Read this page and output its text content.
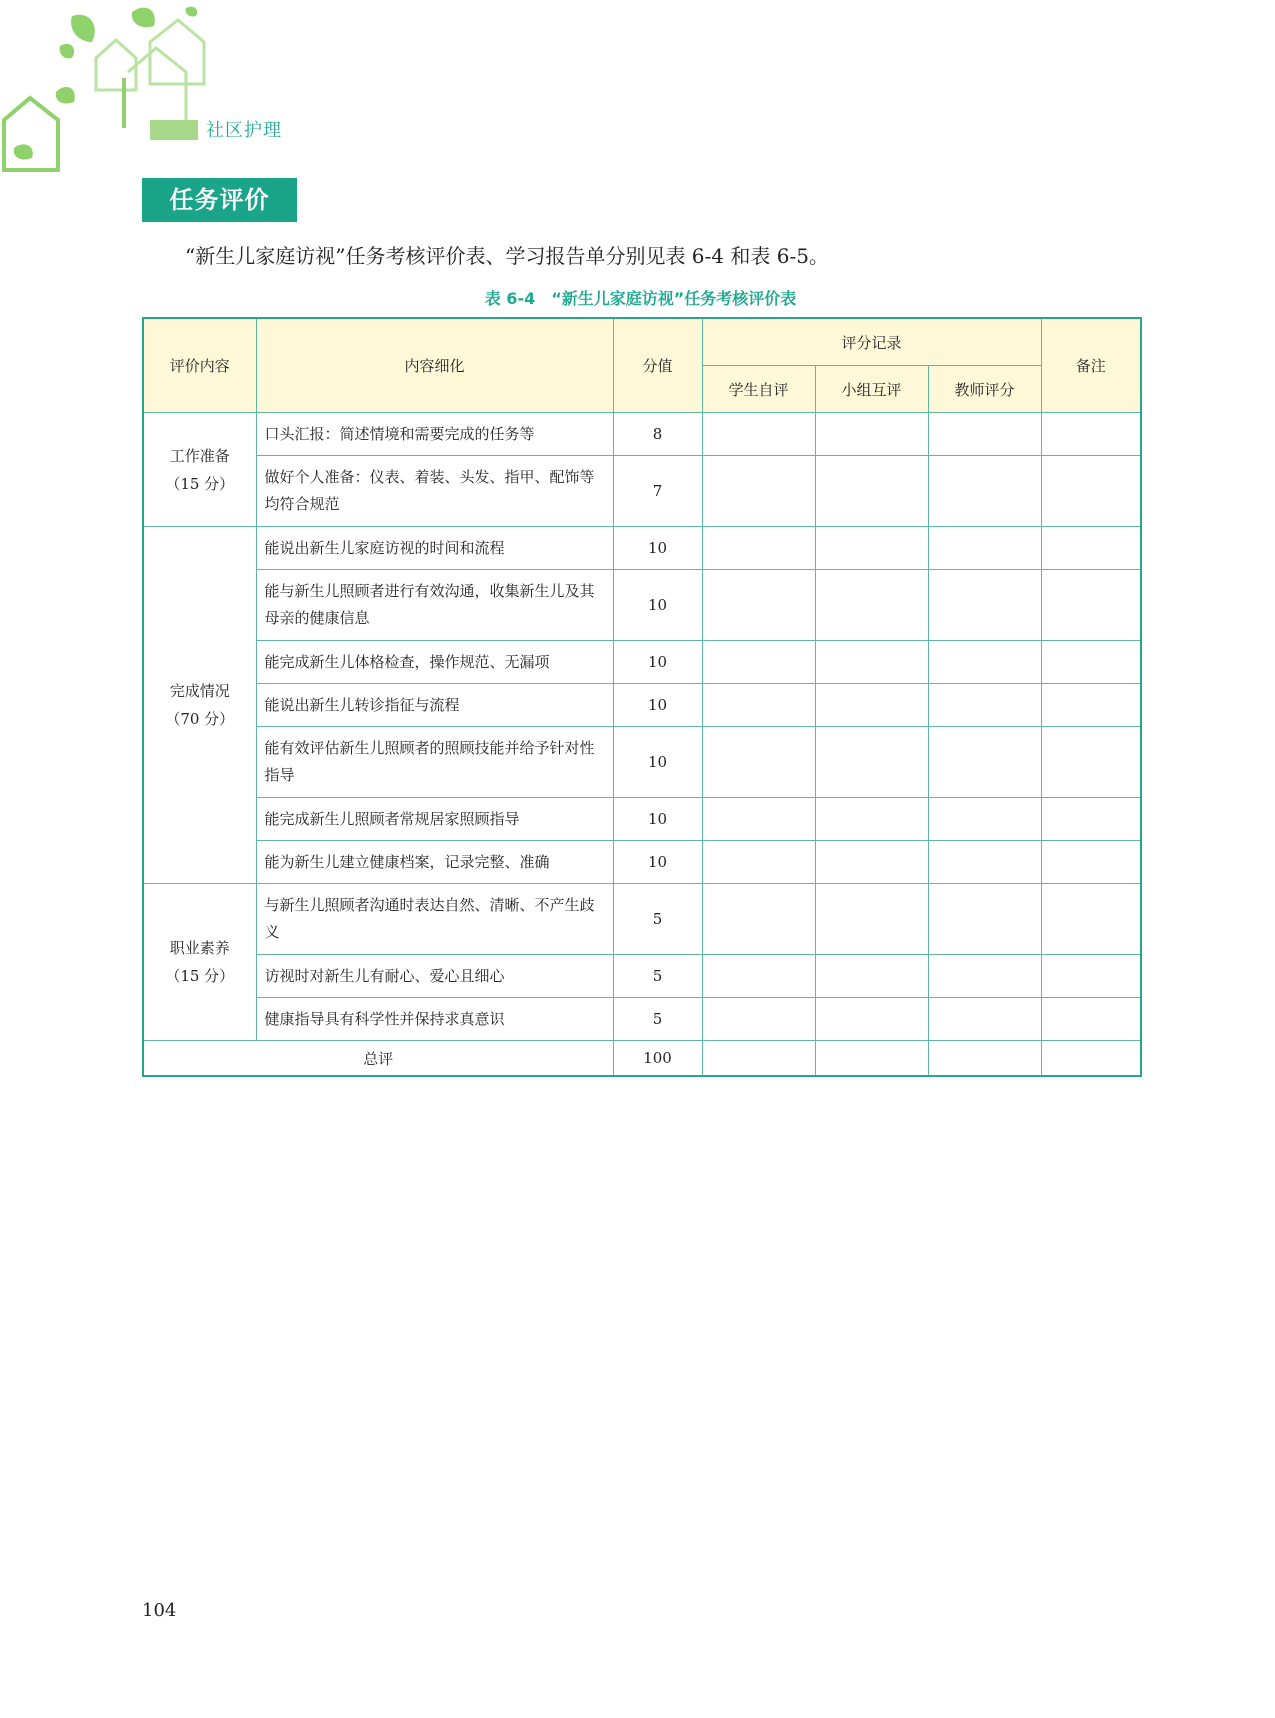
社区护理
任务评价
“新生儿家庭访视”任务考核评价表、学习报告单分别见表 6-4 和表 6-5。
表 6-4　“新生儿家庭访视”任务考核评价表
评价内容	内容细化	分值	评分记录			备注
			学生自评	小组互评	教师评分	

工作准备
（15 分）	口头汇报：简述情境和需要完成的任务等	8				
	做好个人准备：仪表、着装、头发、指甲、配饰等均符合规范	7				

完成情况
（70 分）	能说出新生儿家庭访视的时间和流程	10				
	能与新生儿照顾者进行有效沟通，收集新生儿及其母亲的健康信息	10				
	能完成新生儿体格检查，操作规范、无漏项	10				
	能说出新生儿转诊指征与流程	10				
	能有效评估新生儿照顾者的照顾技能并给予针对性指导	10				
	能完成新生儿照顾者常规居家照顾指导	10				
	能为新生儿建立健康档案，记录完整、准确	10				

职业素养
（15 分）	与新生儿照顾者沟通时表达自然、清晰、不产生歧义	5				
	访视时对新生儿有耐心、爱心且细心	5				
	健康指导具有科学性并保持求真意识	5				
总评		100				
104
